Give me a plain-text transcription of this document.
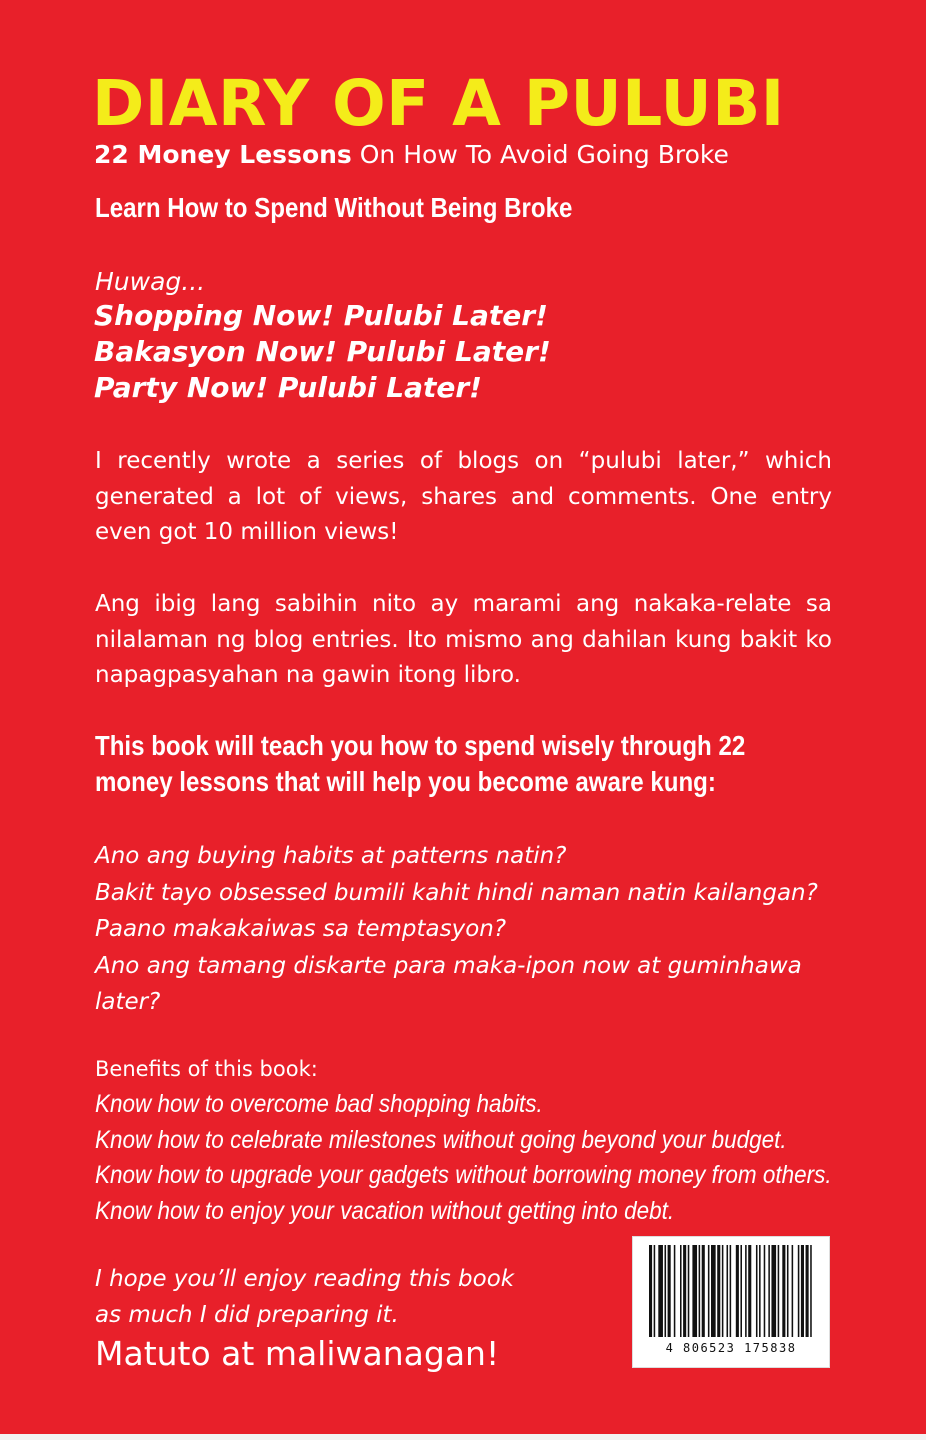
DIARY OF A PULUBI
22 Money Lessons On How To Avoid Going Broke
Learn How to Spend Without Being Broke
Huwag...
Shopping Now! Pulubi Later!
Bakasyon Now! Pulubi Later!
Party Now! Pulubi Later!
I recently wrote a series of blogs on “pulubi later,” which generated a lot of views, shares and comments. One entry even got 10 million views!
Ang ibig lang sabihin nito ay marami ang nakaka-relate sa nilalaman ng blog entries. Ito mismo ang dahilan kung bakit ko napagpasyahan na gawin itong libro.
This book will teach you how to spend wisely through 22
money lessons that will help you become aware kung:
Ano ang buying habits at patterns natin?
Bakit tayo obsessed bumili kahit hindi naman natin kailangan?
Paano makakaiwas sa temptasyon?
Ano ang tamang diskarte para maka-ipon now at guminhawa
later?
Benefits of this book:
Know how to overcome bad shopping habits.
Know how to celebrate milestones without going beyond your budget.
Know how to upgrade your gadgets without borrowing money from others.
Know how to enjoy your vacation without getting into debt.
I hope you’ll enjoy reading this book
as much I did preparing it.
Matuto at maliwanagan!	4 806523 175838
